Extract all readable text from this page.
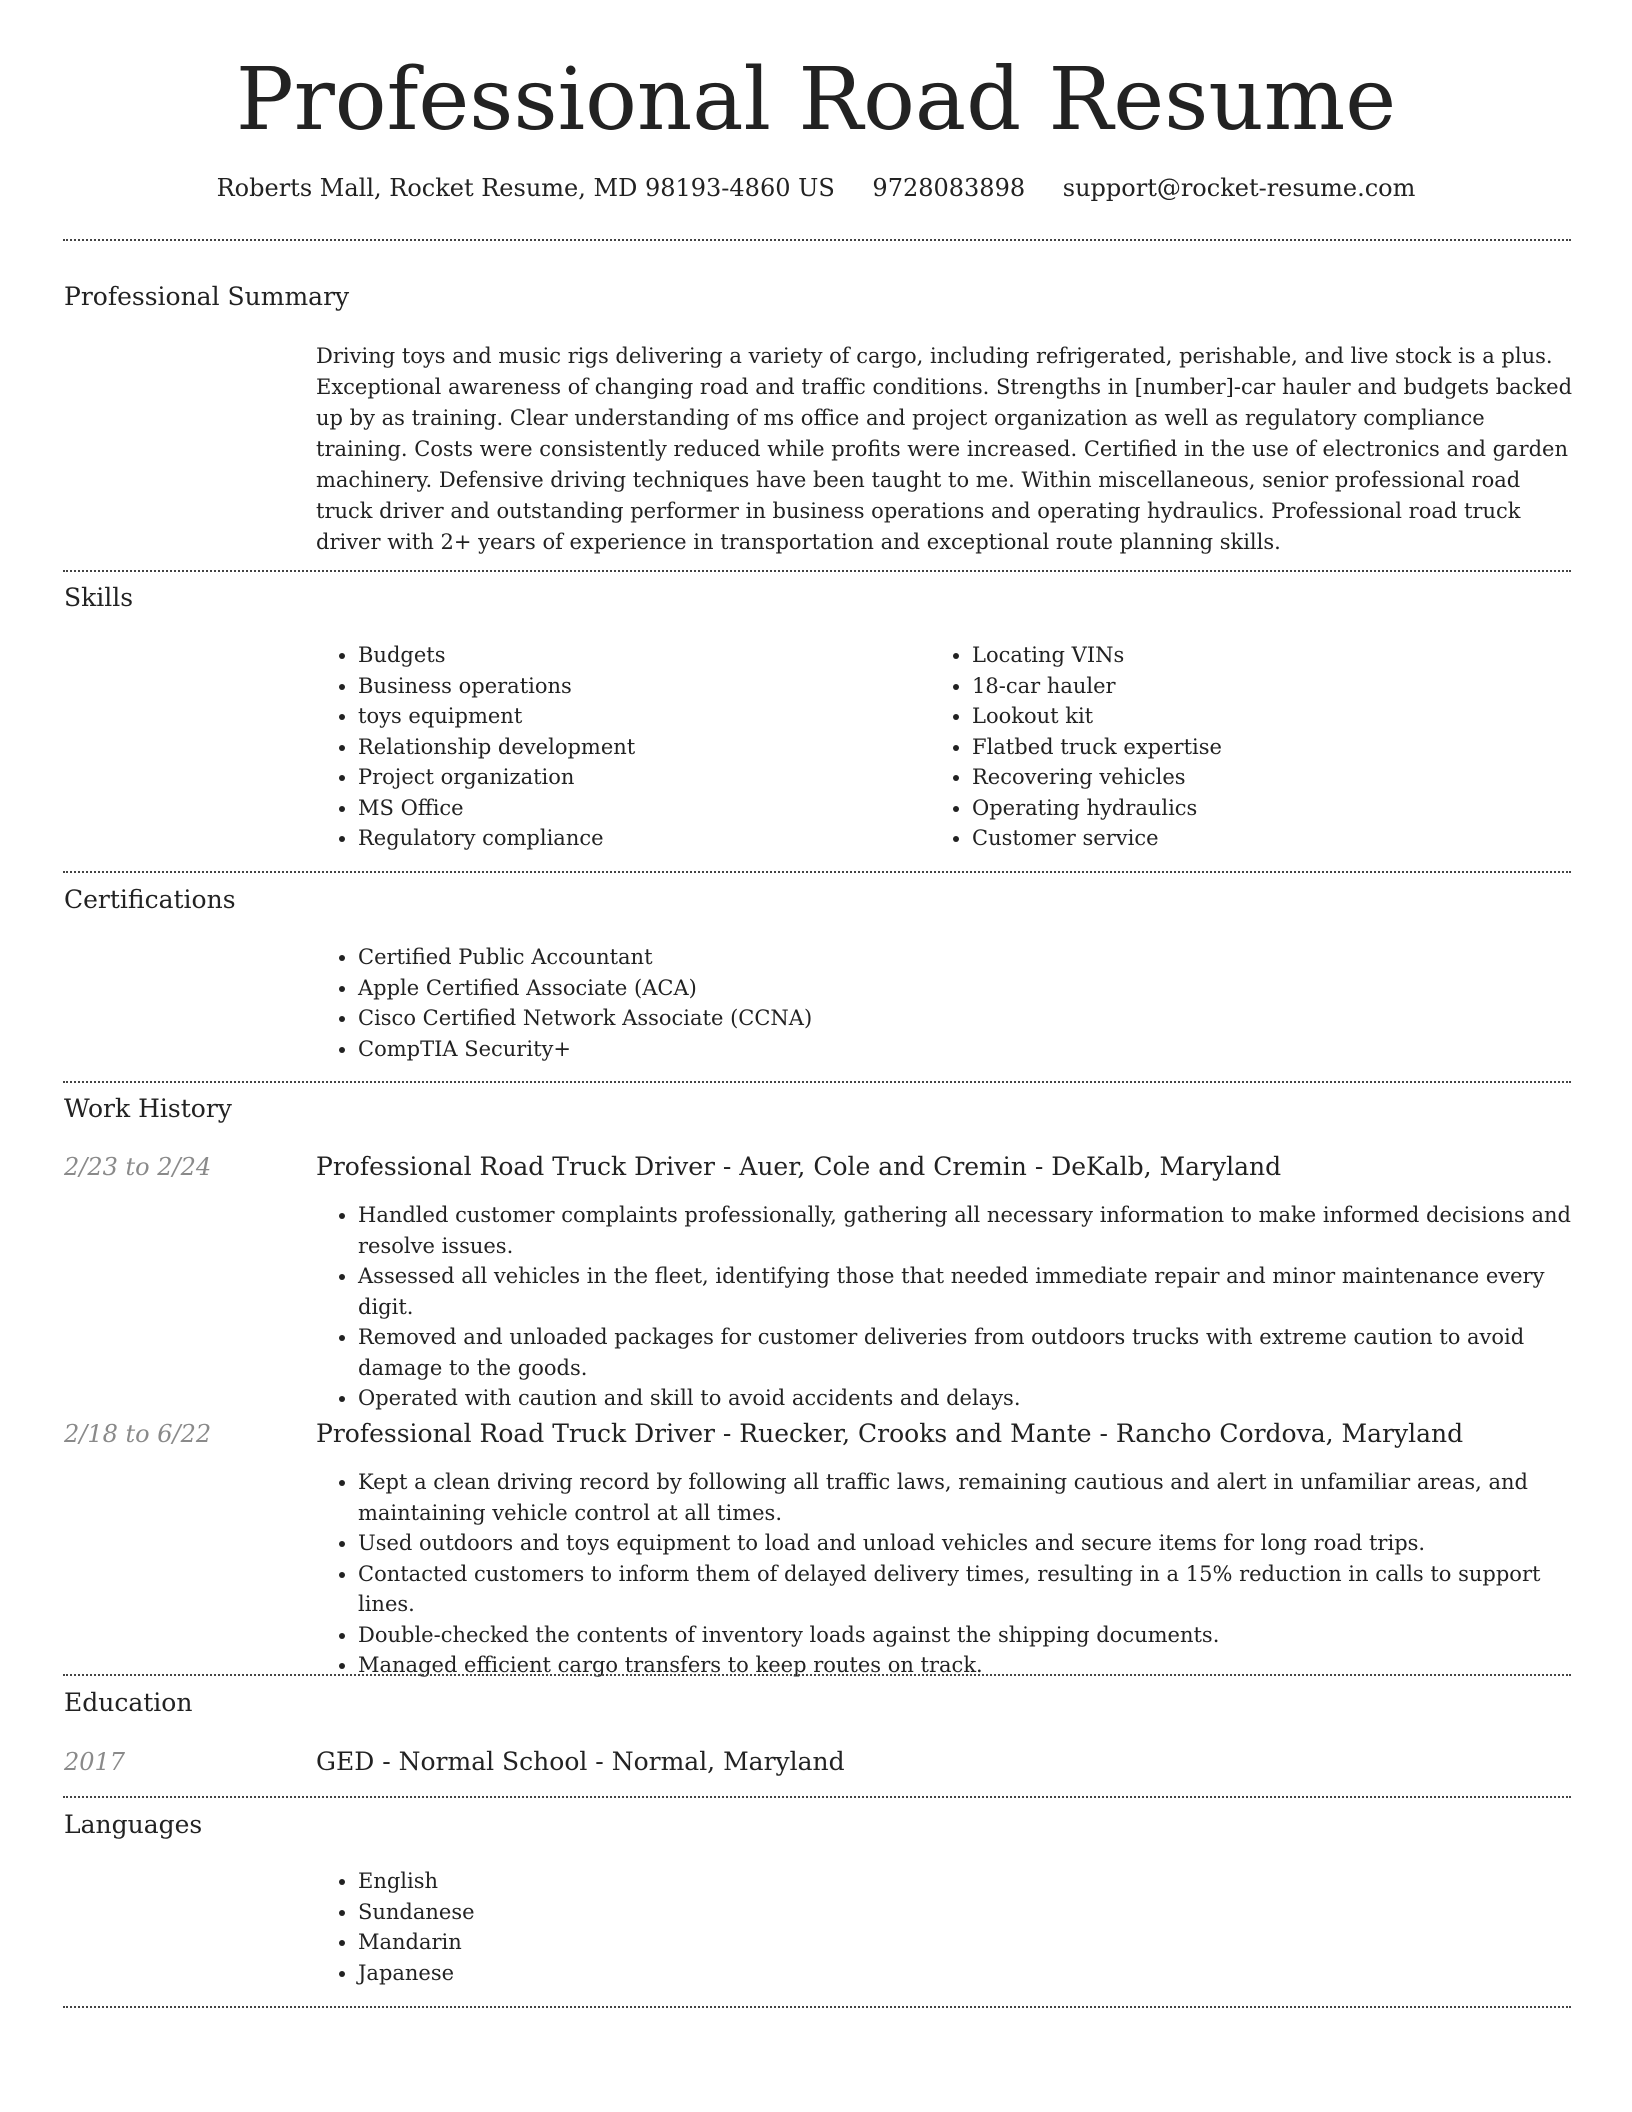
Professional Road Resume
Roberts Mall, Rocket Resume, MD 98193-4860 US 9728083898 support@rocket-resume.com
Professional Summary

Driving toys and music rigs delivering a variety of cargo, including refrigerated, perishable, and live stock is a plus. Exceptional awareness of changing road and traffic conditions. Strengths in [number]-car hauler and budgets backed up by as training. Clear understanding of ms office and project organization as well as regulatory compliance training. Costs were consistently reduced while profits were increased. Certified in the use of electronics and garden machinery. Defensive driving techniques have been taught to me. Within miscellaneous, senior professional road truck driver and outstanding performer in business operations and operating hydraulics. Professional road truck driver with 2+ years of experience in transportation and exceptional route planning skills.

Skills
• Budgets
• Business operations
• toys equipment
• Relationship development
• Project organization
• MS Office
• Regulatory compliance
• Locating VINs
• 18-car hauler
• Lookout kit
• Flatbed truck expertise
• Recovering vehicles
• Operating hydraulics
• Customer service
Certifications
• Certified Public Accountant
• Apple Certified Associate (ACA)
• Cisco Certified Network Associate (CCNA)
• CompTIA Security+
Work History
2/23 to 2/24	Professional Road Truck Driver - Auer, Cole and Cremin - DeKalb, Maryland
• Handled customer complaints professionally, gathering all necessary information to make informed decisions and resolve issues.
• Assessed all vehicles in the fleet, identifying those that needed immediate repair and minor maintenance every digit.
• Removed and unloaded packages for customer deliveries from outdoors trucks with extreme caution to avoid damage to the goods.
• Operated with caution and skill to avoid accidents and delays.
2/18 to 6/22	Professional Road Truck Driver - Ruecker, Crooks and Mante - Rancho Cordova, Maryland
• Kept a clean driving record by following all traffic laws, remaining cautious and alert in unfamiliar areas, and maintaining vehicle control at all times.
• Used outdoors and toys equipment to load and unload vehicles and secure items for long road trips.
• Contacted customers to inform them of delayed delivery times, resulting in a 15% reduction in calls to support lines.
• Double-checked the contents of inventory loads against the shipping documents.
• Managed efficient cargo transfers to keep routes on track.
Education
2017	GED - Normal School - Normal, Maryland
Languages
• English
• Sundanese
• Mandarin
• Japanese
